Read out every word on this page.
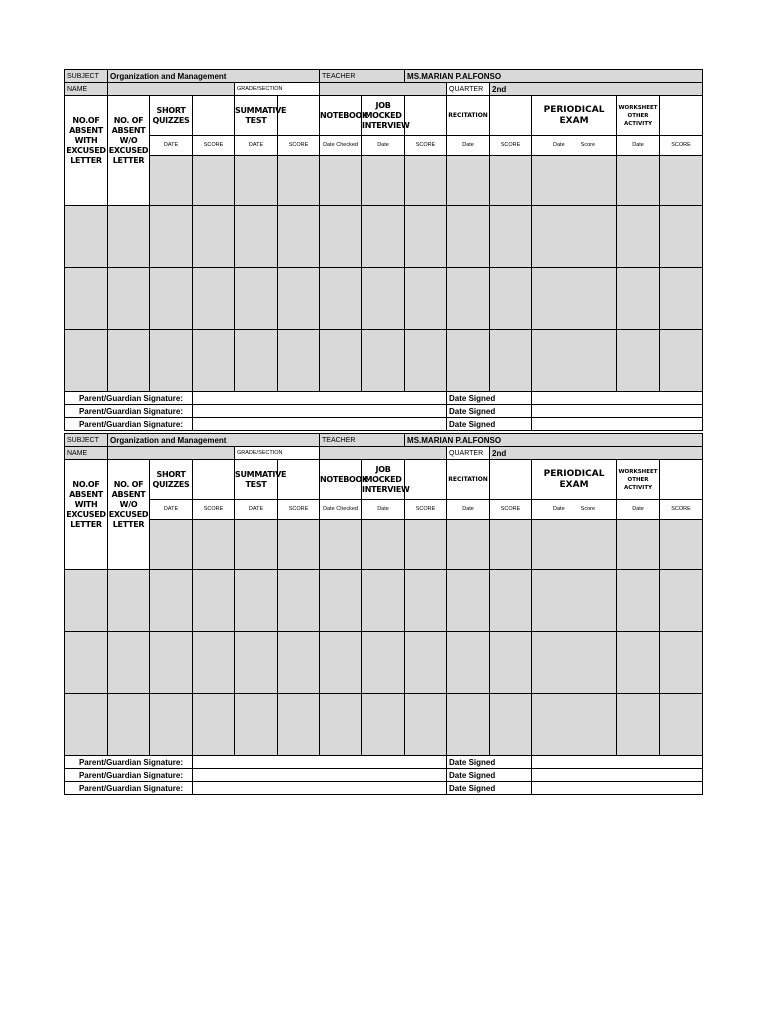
SUBJECT	Organization and Management					TEACHER		MS.MARIAN P.ALFONSO					
NAME				GRADE/SECTION					QUARTER	2nd			

NO.OF ABSENT WITH EXCUSED LETTER	NO. OF ABSENT W/O EXCUSED LETTER	SHORT QUIZZES		SUMMATIVE TEST		NOTEBOOK	JOB MOCKED INTERVIEW		RECITATION		PERIODICAL EXAM	WORKSHEET OTHER ACTIVITY	

		DATE	SCORE	DATE	SCORE	Date Checked	Date	SCORE	Date	SCORE	Date Score	Date	SCORE

Parent/Guardian Signature:									Date Signed				
Parent/Guardian Signature:									Date Signed				
Parent/Guardian Signature:									Date Signed				
SUBJECT	Organization and Management					TEACHER		MS.MARIAN P.ALFONSO					
NAME				GRADE/SECTION					QUARTER	2nd			

NO.OF ABSENT WITH EXCUSED LETTER	NO. OF ABSENT W/O EXCUSED LETTER	SHORT QUIZZES		SUMMATIVE TEST		NOTEBOOK	JOB MOCKED INTERVIEW		RECITATION		PERIODICAL EXAM	WORKSHEET OTHER ACTIVITY	

		DATE	SCORE	DATE	SCORE	Date Checked	Date	SCORE	Date	SCORE	Date Score	Date	SCORE

Parent/Guardian Signature:									Date Signed				
Parent/Guardian Signature:									Date Signed				
Parent/Guardian Signature:									Date Signed				
